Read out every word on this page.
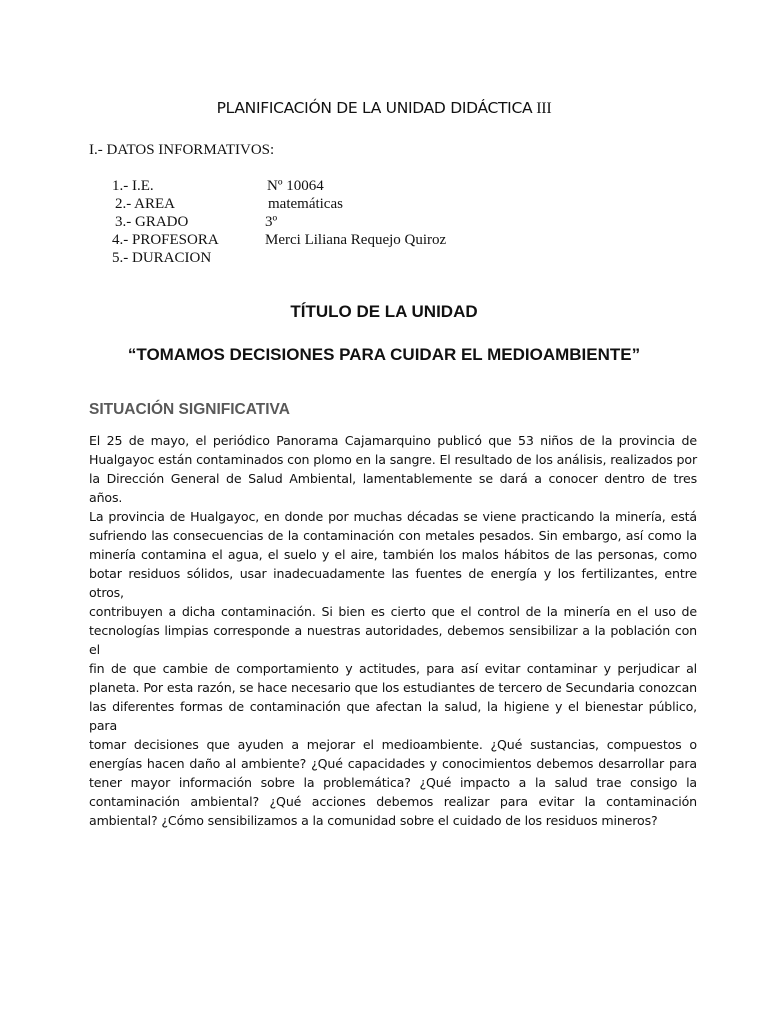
PLANIFICACIÓN DE LA UNIDAD DIDÁCTICA III
I.- DATOS INFORMATIVOS:
1.- I.E.	Nº 10064
2.- AREA	matemáticas
3.- GRADO	3º
4.- PROFESORA	Merci Liliana Requejo Quiroz
5.- DURACION
TÍTULO DE LA UNIDAD
“TOMAMOS DECISIONES PARA CUIDAR EL MEDIOAMBIENTE”
SITUACIÓN SIGNIFICATIVA
El 25 de mayo, el periódico Panorama Cajamarquino publicó que 53 niños de la provincia de
Hualgayoc están contaminados con plomo en la sangre. El resultado de los análisis, realizados por
la Dirección General de Salud Ambiental, lamentablemente se dará a conocer dentro de tres años.
La provincia de Hualgayoc, en donde por muchas décadas se viene practicando la minería, está
sufriendo las consecuencias de la contaminación con metales pesados. Sin embargo, así como la
minería contamina el agua, el suelo y el aire, también los malos hábitos de las personas, como
botar residuos sólidos, usar inadecuadamente las fuentes de energía y los fertilizantes, entre otros,
contribuyen a dicha contaminación. Si bien es cierto que el control de la minería en el uso de
tecnologías limpias corresponde a nuestras autoridades, debemos sensibilizar a la población con el
fin de que cambie de comportamiento y actitudes, para así evitar contaminar y perjudicar al
planeta. Por esta razón, se hace necesario que los estudiantes de tercero de Secundaria conozcan
las diferentes formas de contaminación que afectan la salud, la higiene y el bienestar público, para
tomar decisiones que ayuden a mejorar el medioambiente. ¿Qué sustancias, compuestos o
energías hacen daño al ambiente? ¿Qué capacidades y conocimientos debemos desarrollar para
tener mayor información sobre la problemática? ¿Qué impacto a la salud trae consigo la
contaminación ambiental? ¿Qué acciones debemos realizar para evitar la contaminación
ambiental? ¿Cómo sensibilizamos a la comunidad sobre el cuidado de los residuos mineros?
